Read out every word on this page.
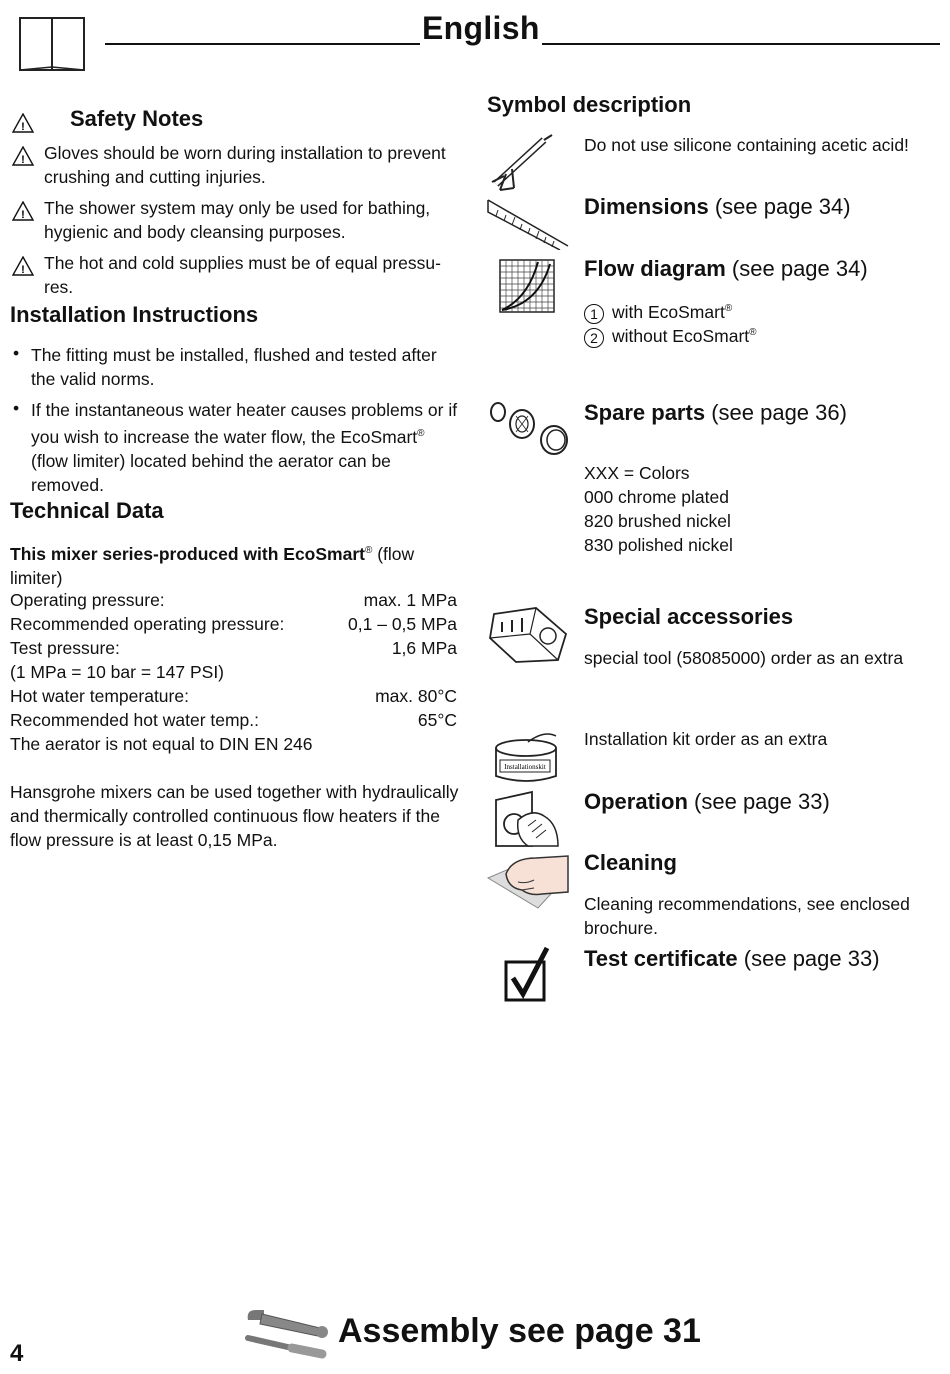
English
! Safety Notes
! Gloves should be worn during installation to prevent crushing and cutting injuries.
! The shower system may only be used for bathing, hygienic and body cleansing purposes.
! The hot and cold supplies must be of equal pressu-res.
Installation Instructions
• The fitting must be installed, flushed and tested after the valid norms.
• If the instantaneous water heater causes problems or if you wish to increase the water flow, the EcoSmart® (flow limiter) located behind the aerator can be removed.
Technical Data
This mixer series-produced with EcoSmart® (flow limiter)
Operating pressure:	max. 1 MPa
Recommended operating pressure:	0,1 – 0,5 MPa
Test pressure:	1,6 MPa
(1 MPa = 10 bar = 147 PSI)
Hot water temperature:	max. 80°C
Recommended hot water temp.:	65°C
The aerator is not equal to DIN EN 246
Hansgrohe mixers can be used together with hydraulically and thermically controlled continuous flow heaters if the flow pressure is at least 0,15 MPa.
Symbol description
Do not use silicone containing acetic acid!
Dimensions (see page 34)
Flow diagram (see page 34)
1 with EcoSmart®
2 without EcoSmart®
Spare parts (see page 36)
XXX = Colors
000 chrome plated
820 brushed nickel
830 polished nickel
Special accessories
special tool (58085000) order as an extra
Installationskit
Installation kit order as an extra
Operation (see page 33)
Cleaning
Cleaning recommendations, see enclosed brochure.
Test certificate (see page 33)
4
Assembly see page 31
